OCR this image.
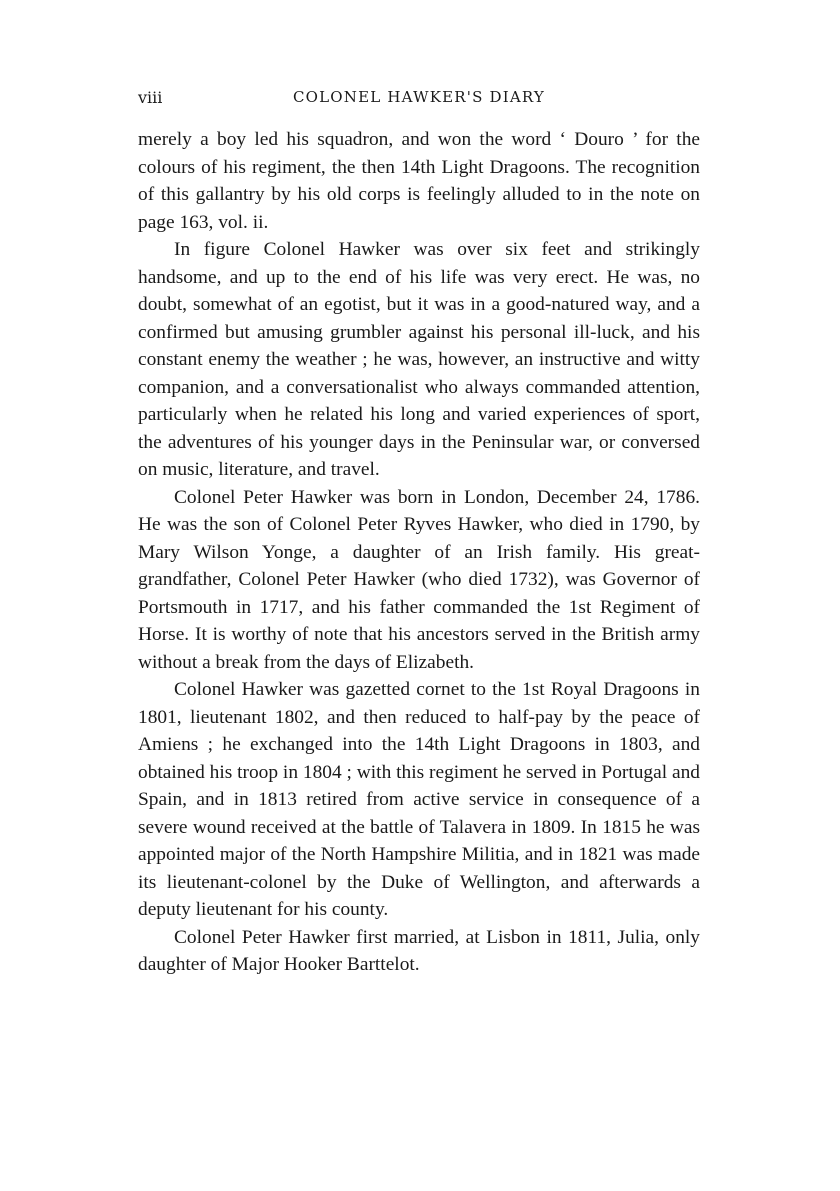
viii	COLONEL HAWKER'S DIARY

merely a boy led his squadron, and won the word ‘ Douro ’ for the colours of his regiment, the then 14th Light Dragoons. The recognition of this gallantry by his old corps is feelingly alluded to in the note on page 163, vol. ii.

In figure Colonel Hawker was over six feet and strikingly handsome, and up to the end of his life was very erect. He was, no doubt, somewhat of an egotist, but it was in a good-natured way, and a confirmed but amusing grumbler against his personal ill-luck, and his constant enemy the weather ; he was, however, an instructive and witty companion, and a conversationalist who always commanded attention, particularly when he related his long and varied experiences of sport, the adventures of his younger days in the Peninsular war, or conversed on music, literature, and travel.

Colonel Peter Hawker was born in London, December 24, 1786. He was the son of Colonel Peter Ryves Hawker, who died in 1790, by Mary Wilson Yonge, a daughter of an Irish family. His great-grandfather, Colonel Peter Hawker (who died 1732), was Governor of Portsmouth in 1717, and his father commanded the 1st Regiment of Horse. It is worthy of note that his ancestors served in the British army without a break from the days of Elizabeth.

Colonel Hawker was gazetted cornet to the 1st Royal Dragoons in 1801, lieutenant 1802, and then reduced to half-pay by the peace of Amiens ; he exchanged into the 14th Light Dragoons in 1803, and obtained his troop in 1804 ; with this regiment he served in Portugal and Spain, and in 1813 retired from active service in consequence of a severe wound received at the battle of Talavera in 1809. In 1815 he was appointed major of the North Hampshire Militia, and in 1821 was made its lieutenant-colonel by the Duke of Wellington, and afterwards a deputy lieutenant for his county.

Colonel Peter Hawker first married, at Lisbon in 1811, Julia, only daughter of Major Hooker Barttelot.
